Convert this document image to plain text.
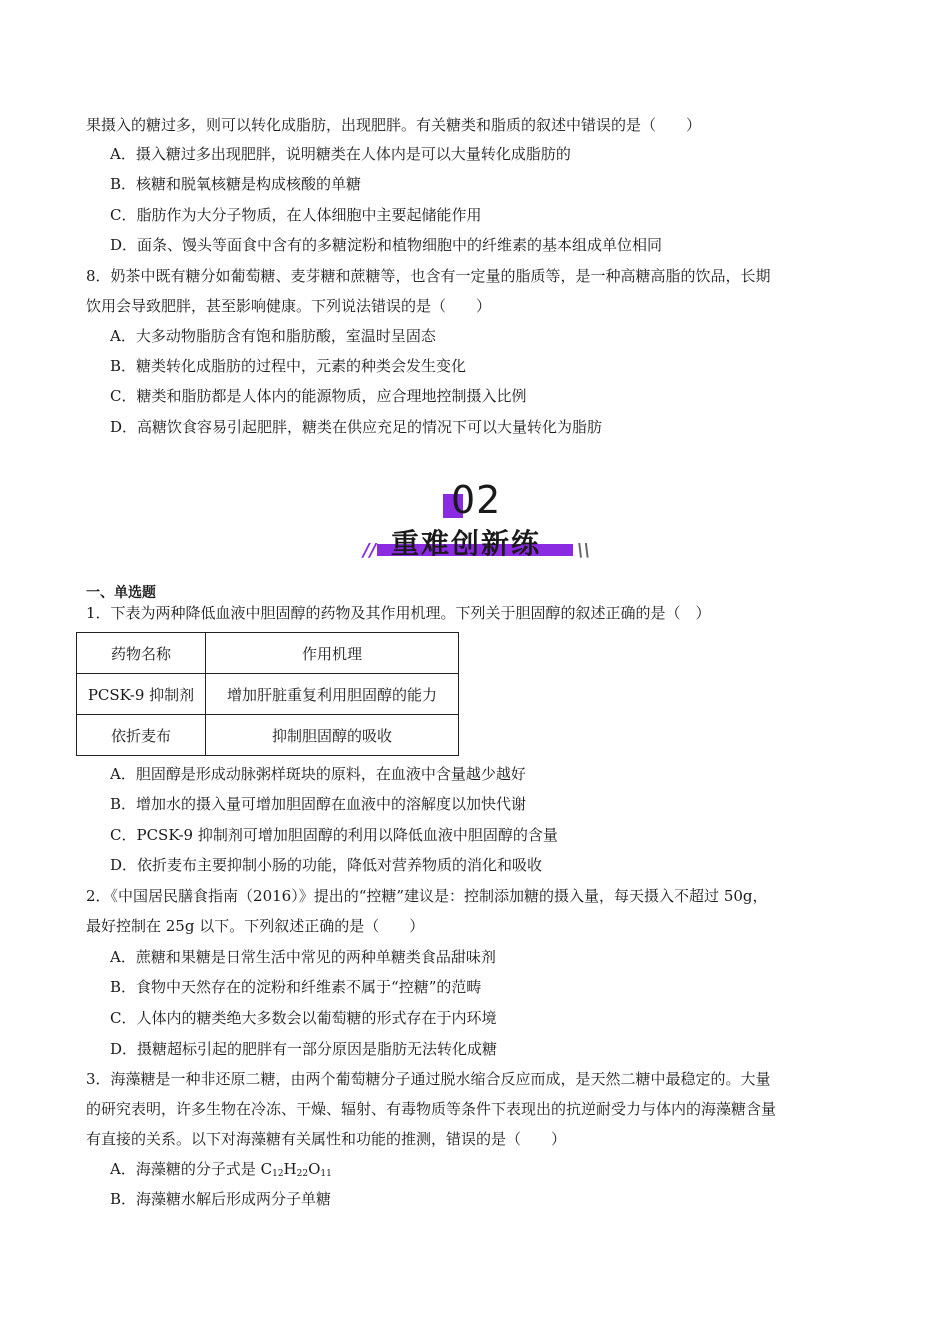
果摄入的糖过多，则可以转化成脂肪，出现肥胖。有关糖类和脂质的叙述中错误的是（　　）
A．摄入糖过多出现肥胖，说明糖类在人体内是可以大量转化成脂肪的
B．核糖和脱氧核糖是构成核酸的单糖
C．脂肪作为大分子物质，在人体细胞中主要起储能作用
D．面条、馒头等面食中含有的多糖淀粉和植物细胞中的纤维素的基本组成单位相同
8．奶茶中既有糖分如葡萄糖、麦芽糖和蔗糖等，也含有一定量的脂质等，是一种高糖高脂的饮品，长期
饮用会导致肥胖，甚至影响健康。下列说法错误的是（　　）
A．大多动物脂肪含有饱和脂肪酸，室温时呈固态
B．糖类转化成脂肪的过程中，元素的种类会发生变化
C．糖类和脂肪都是人体内的能源物质，应合理地控制摄入比例
D．高糖饮食容易引起肥胖，糖类在供应充足的情况下可以大量转化为脂肪
02
重难创新练
//	\\
一、单选题
1．下表为两种降低血液中胆固醇的药物及其作用机理。下列关于胆固醇的叙述正确的是（　）
药物名称	作用机理
PCSK-9 抑制剂	增加肝脏重复利用胆固醇的能力
依折麦布	抑制胆固醇的吸收
A．胆固醇是形成动脉粥样斑块的原料，在血液中含量越少越好
B．增加水的摄入量可增加胆固醇在血液中的溶解度以加快代谢
C．PCSK-9 抑制剂可增加胆固醇的利用以降低血液中胆固醇的含量
D．依折麦布主要抑制小肠的功能，降低对营养物质的消化和吸收
2．《中国居民膳食指南（2016）》提出的“控糖”建议是：控制添加糖的摄入量，每天摄入不超过 50g，
最好控制在 25g 以下。下列叙述正确的是（　　）
A．蔗糖和果糖是日常生活中常见的两种单糖类食品甜味剂
B．食物中天然存在的淀粉和纤维素不属于“控糖”的范畴
C．人体内的糖类绝大多数会以葡萄糖的形式存在于内环境
D．摄糖超标引起的肥胖有一部分原因是脂肪无法转化成糖
3．海藻糖是一种非还原二糖，由两个葡萄糖分子通过脱水缩合反应而成，是天然二糖中最稳定的。大量
的研究表明，许多生物在冷冻、干燥、辐射、有毒物质等条件下表现出的抗逆耐受力与体内的海藻糖含量
有直接的关系。以下对海藻糖有关属性和功能的推测，错误的是（　　）
A．海藻糖的分子式是 $C_{12}H_{22}O_{11}$
B．海藻糖水解后形成两分子单糖
